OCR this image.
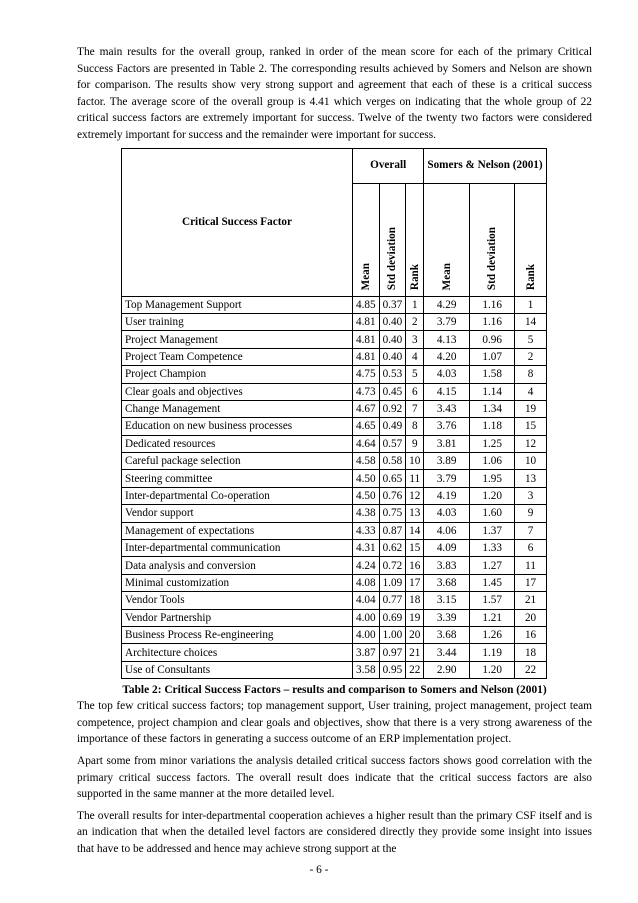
The main results for the overall group, ranked in order of the mean score for each of the primary Critical Success Factors are presented in Table 2. The corresponding results achieved by Somers and Nelson are shown for comparison. The results show very strong support and agreement that each of these is a critical success factor. The average score of the overall group is 4.41 which verges on indicating that the whole group of 22 critical success factors are extremely important for success. Twelve of the twenty two factors were considered extremely important for success and the remainder were important for success.

Critical Success Factor	Overall			Somers & Nelson (2001)		
	Mean	Std deviation	Rank	Mean	Std deviation	Rank
Top Management Support	4.85	0.37	1	4.29	1.16	1
User training	4.81	0.40	2	3.79	1.16	14
Project Management	4.81	0.40	3	4.13	0.96	5
Project Team Competence	4.81	0.40	4	4.20	1.07	2
Project Champion	4.75	0.53	5	4.03	1.58	8
Clear goals and objectives	4.73	0.45	6	4.15	1.14	4
Change Management	4.67	0.92	7	3.43	1.34	19
Education on new business processes	4.65	0.49	8	3.76	1.18	15
Dedicated resources	4.64	0.57	9	3.81	1.25	12
Careful package selection	4.58	0.58	10	3.89	1.06	10
Steering committee	4.50	0.65	11	3.79	1.95	13
Inter-departmental Co-operation	4.50	0.76	12	4.19	1.20	3
Vendor support	4.38	0.75	13	4.03	1.60	9
Management of expectations	4.33	0.87	14	4.06	1.37	7
Inter-departmental communication	4.31	0.62	15	4.09	1.33	6
Data analysis and conversion	4.24	0.72	16	3.83	1.27	11
Minimal customization	4.08	1.09	17	3.68	1.45	17
Vendor Tools	4.04	0.77	18	3.15	1.57	21
Vendor Partnership	4.00	0.69	19	3.39	1.21	20
Business Process Re-engineering	4.00	1.00	20	3.68	1.26	16
Architecture choices	3.87	0.97	21	3.44	1.19	18
Use of Consultants	3.58	0.95	22	2.90	1.20	22

Table 2: Critical Success Factors – results and comparison to Somers and Nelson (2001)

The top few critical success factors; top management support, User training, project management, project team competence, project champion and clear goals and objectives, show that there is a very strong awareness of the importance of these factors in generating a success outcome of an ERP implementation project.

Apart some from minor variations the analysis detailed critical success factors shows good correlation with the primary critical success factors. The overall result does indicate that the critical success factors are also supported in the same manner at the more detailed level.

The overall results for inter-departmental cooperation achieves a higher result than the primary CSF itself and is an indication that when the detailed level factors are considered directly they provide some insight into issues that have to be addressed and hence may achieve strong support at the

- 6 -
